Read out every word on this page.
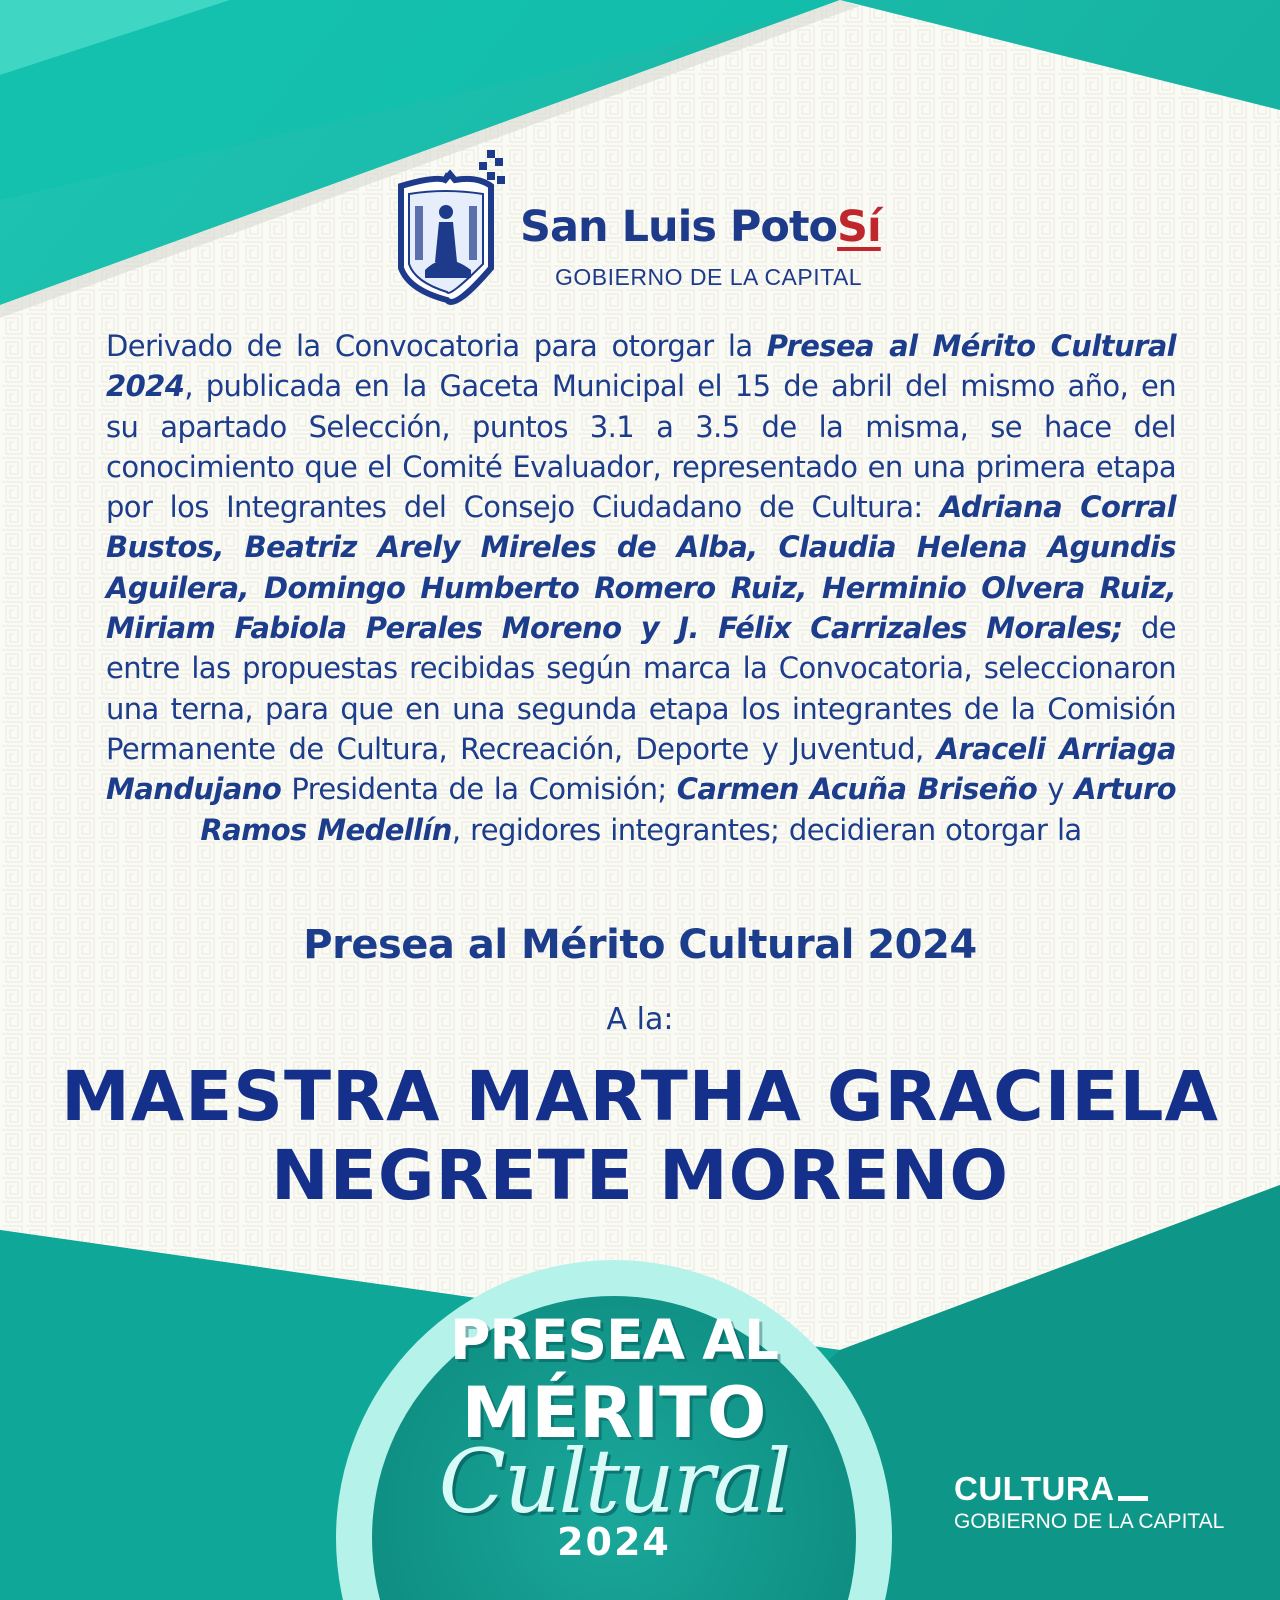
San Luis PotoSí
GOBIERNO DE LA CAPITAL
Derivado de la Convocatoria para otorgar la Presea al Mérito Cultural 2024, publicada en la Gaceta Municipal el 15 de abril del mismo año, en su apartado Selección, puntos 3.1 a 3.5 de la misma, se hace del conocimiento que el Comité Evaluador, representado en una primera etapa por los Integrantes del Consejo Ciudadano de Cultura: Adriana Corral Bustos, Beatriz Arely Mireles de Alba, Claudia Helena Agundis Aguilera, Domingo Humberto Romero Ruiz, Herminio Olvera Ruiz, Miriam Fabiola Perales Moreno y J. Félix Carrizales Morales; de entre las propuestas recibidas según marca la Convocatoria, seleccionaron una terna, para que en una segunda etapa los integrantes de la Comisión Permanente de Cultura, Recreación, Deporte y Juventud, Araceli Arriaga Mandujano Presidenta de la Comisión; Carmen Acuña Briseño y Arturo Ramos Medellín, regidores integrantes; decidieran otorgar la
Presea al Mérito Cultural 2024
A la:
MAESTRA MARTHA GRACIELA
NEGRETE MORENO
PRESEA AL
MÉRITO
Cultural
2024
CULTURA
GOBIERNO DE LA CAPITAL
